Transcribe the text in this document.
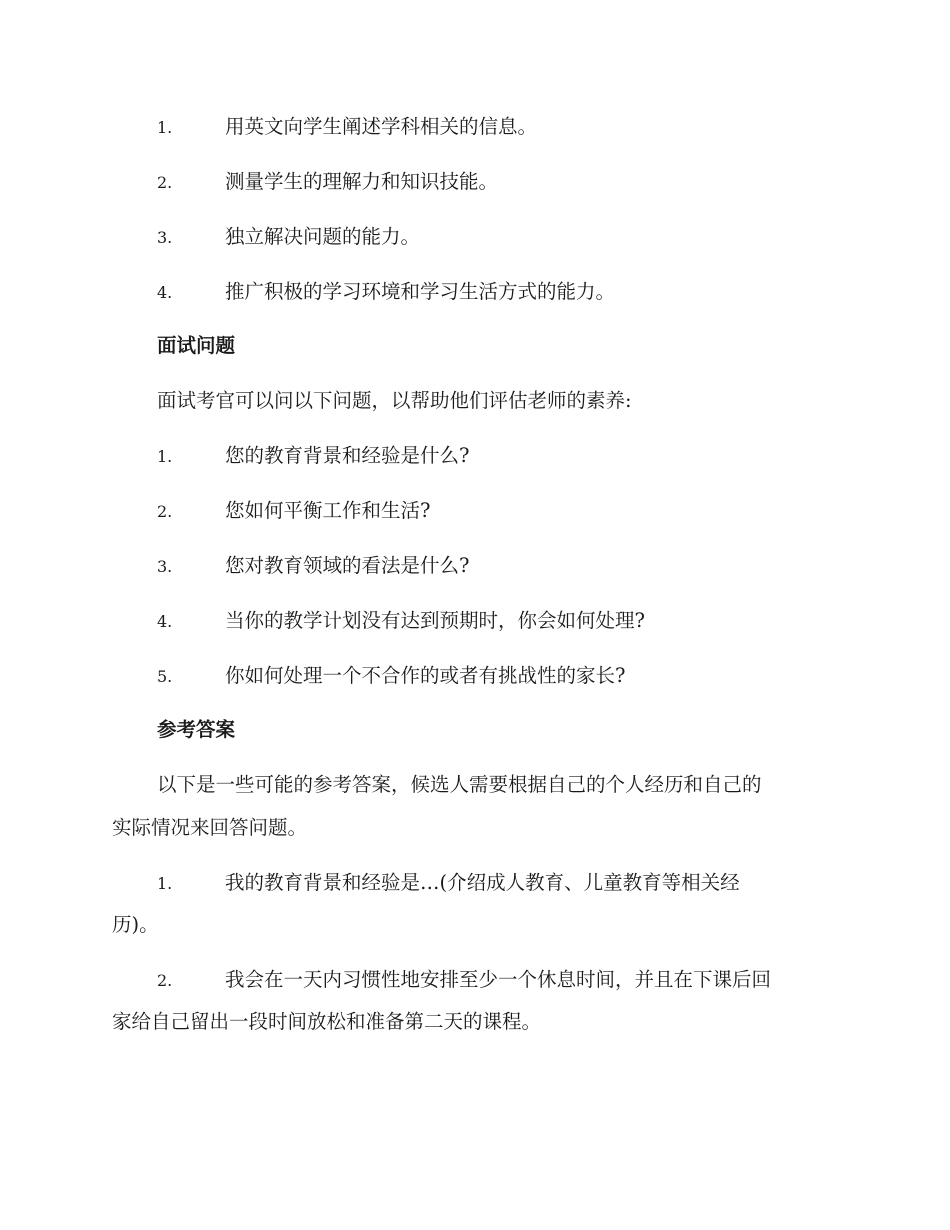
1.	用英文向学生阐述学科相关的信息。
2.	测量学生的理解力和知识技能。
3.	独立解决问题的能力。
4.	推广积极的学习环境和学习生活方式的能力。
面试问题
面试考官可以问以下问题，以帮助他们评估老师的素养:
1.	您的教育背景和经验是什么?
2.	您如何平衡工作和生活?
3.	您对教育领域的看法是什么?
4.	当你的教学计划没有达到预期时，你会如何处理?
5.	你如何处理一个不合作的或者有挑战性的家长?
参考答案
以下是一些可能的参考答案，候选人需要根据自己的个人经历和自己的
实际情况来回答问题。
1.	我的教育背景和经验是…(介绍成人教育、儿童教育等相关经
历)。
2.	我会在一天内习惯性地安排至少一个休息时间，并且在下课后回
家给自己留出一段时间放松和准备第二天的课程。
